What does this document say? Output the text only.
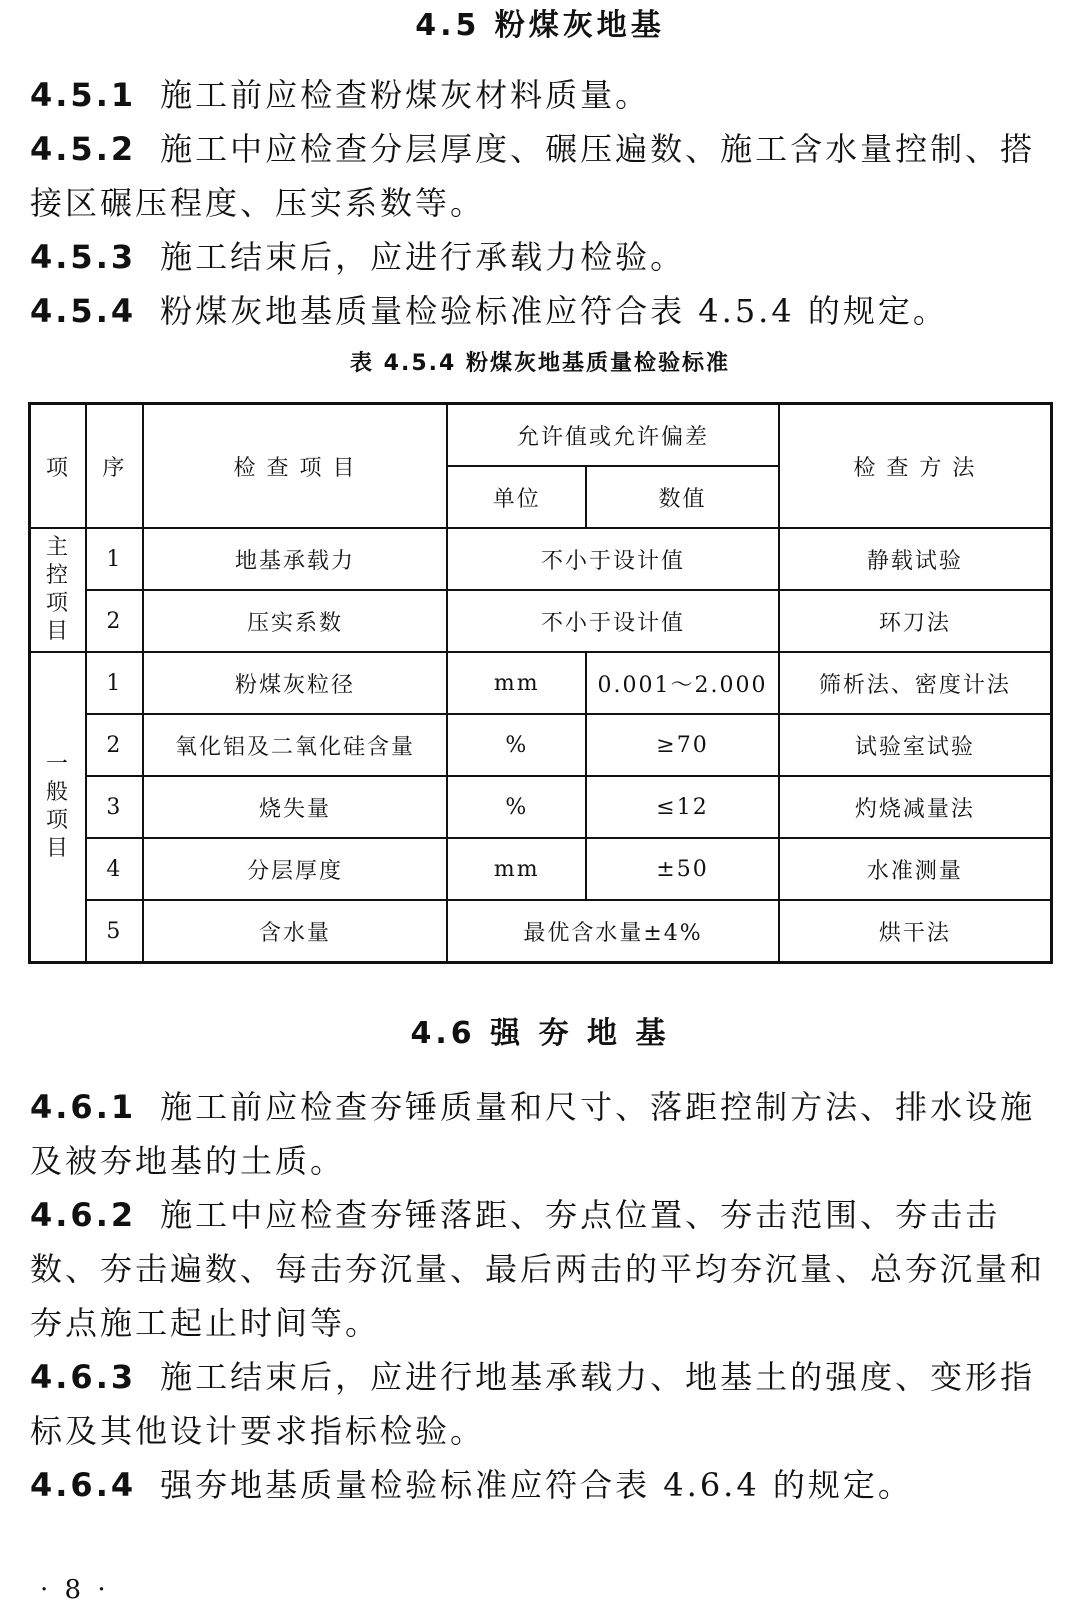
4.5 粉煤灰地基

4.5.1 施工前应检查粉煤灰材料质量。

4.5.2 施工中应检查分层厚度、碾压遍数、施工含水量控制、搭接区碾压程度、压实系数等。

4.5.3 施工结束后，应进行承载力检验。

4.5.4 粉煤灰地基质量检验标准应符合表 4.5.4 的规定。

表 4.5.4 粉煤灰地基质量检验标准
项	序	检 查 项 目	允许值或允许偏差		检 查 方 法
			单位	数值	
主控项目	1	地基承载力	不小于设计值		静载试验
	2	压实系数	不小于设计值		环刀法
一般项目	1	粉煤灰粒径	mm	0.001～2.000	筛析法、密度计法
	2	氧化铝及二氧化硅含量	%	≥70	试验室试验
	3	烧失量	%	≤12	灼烧减量法
	4	分层厚度	mm	±50	水准测量
	5	含水量	最优含水量±4%		烘干法
4.6 强 夯 地 基

4.6.1 施工前应检查夯锤质量和尺寸、落距控制方法、排水设施及被夯地基的土质。

4.6.2 施工中应检查夯锤落距、夯点位置、夯击范围、夯击击数、夯击遍数、每击夯沉量、最后两击的平均夯沉量、总夯沉量和夯点施工起止时间等。

4.6.3 施工结束后，应进行地基承载力、地基土的强度、变形指标及其他设计要求指标检验。

4.6.4 强夯地基质量检验标准应符合表 4.6.4 的规定。

· 8 ·
